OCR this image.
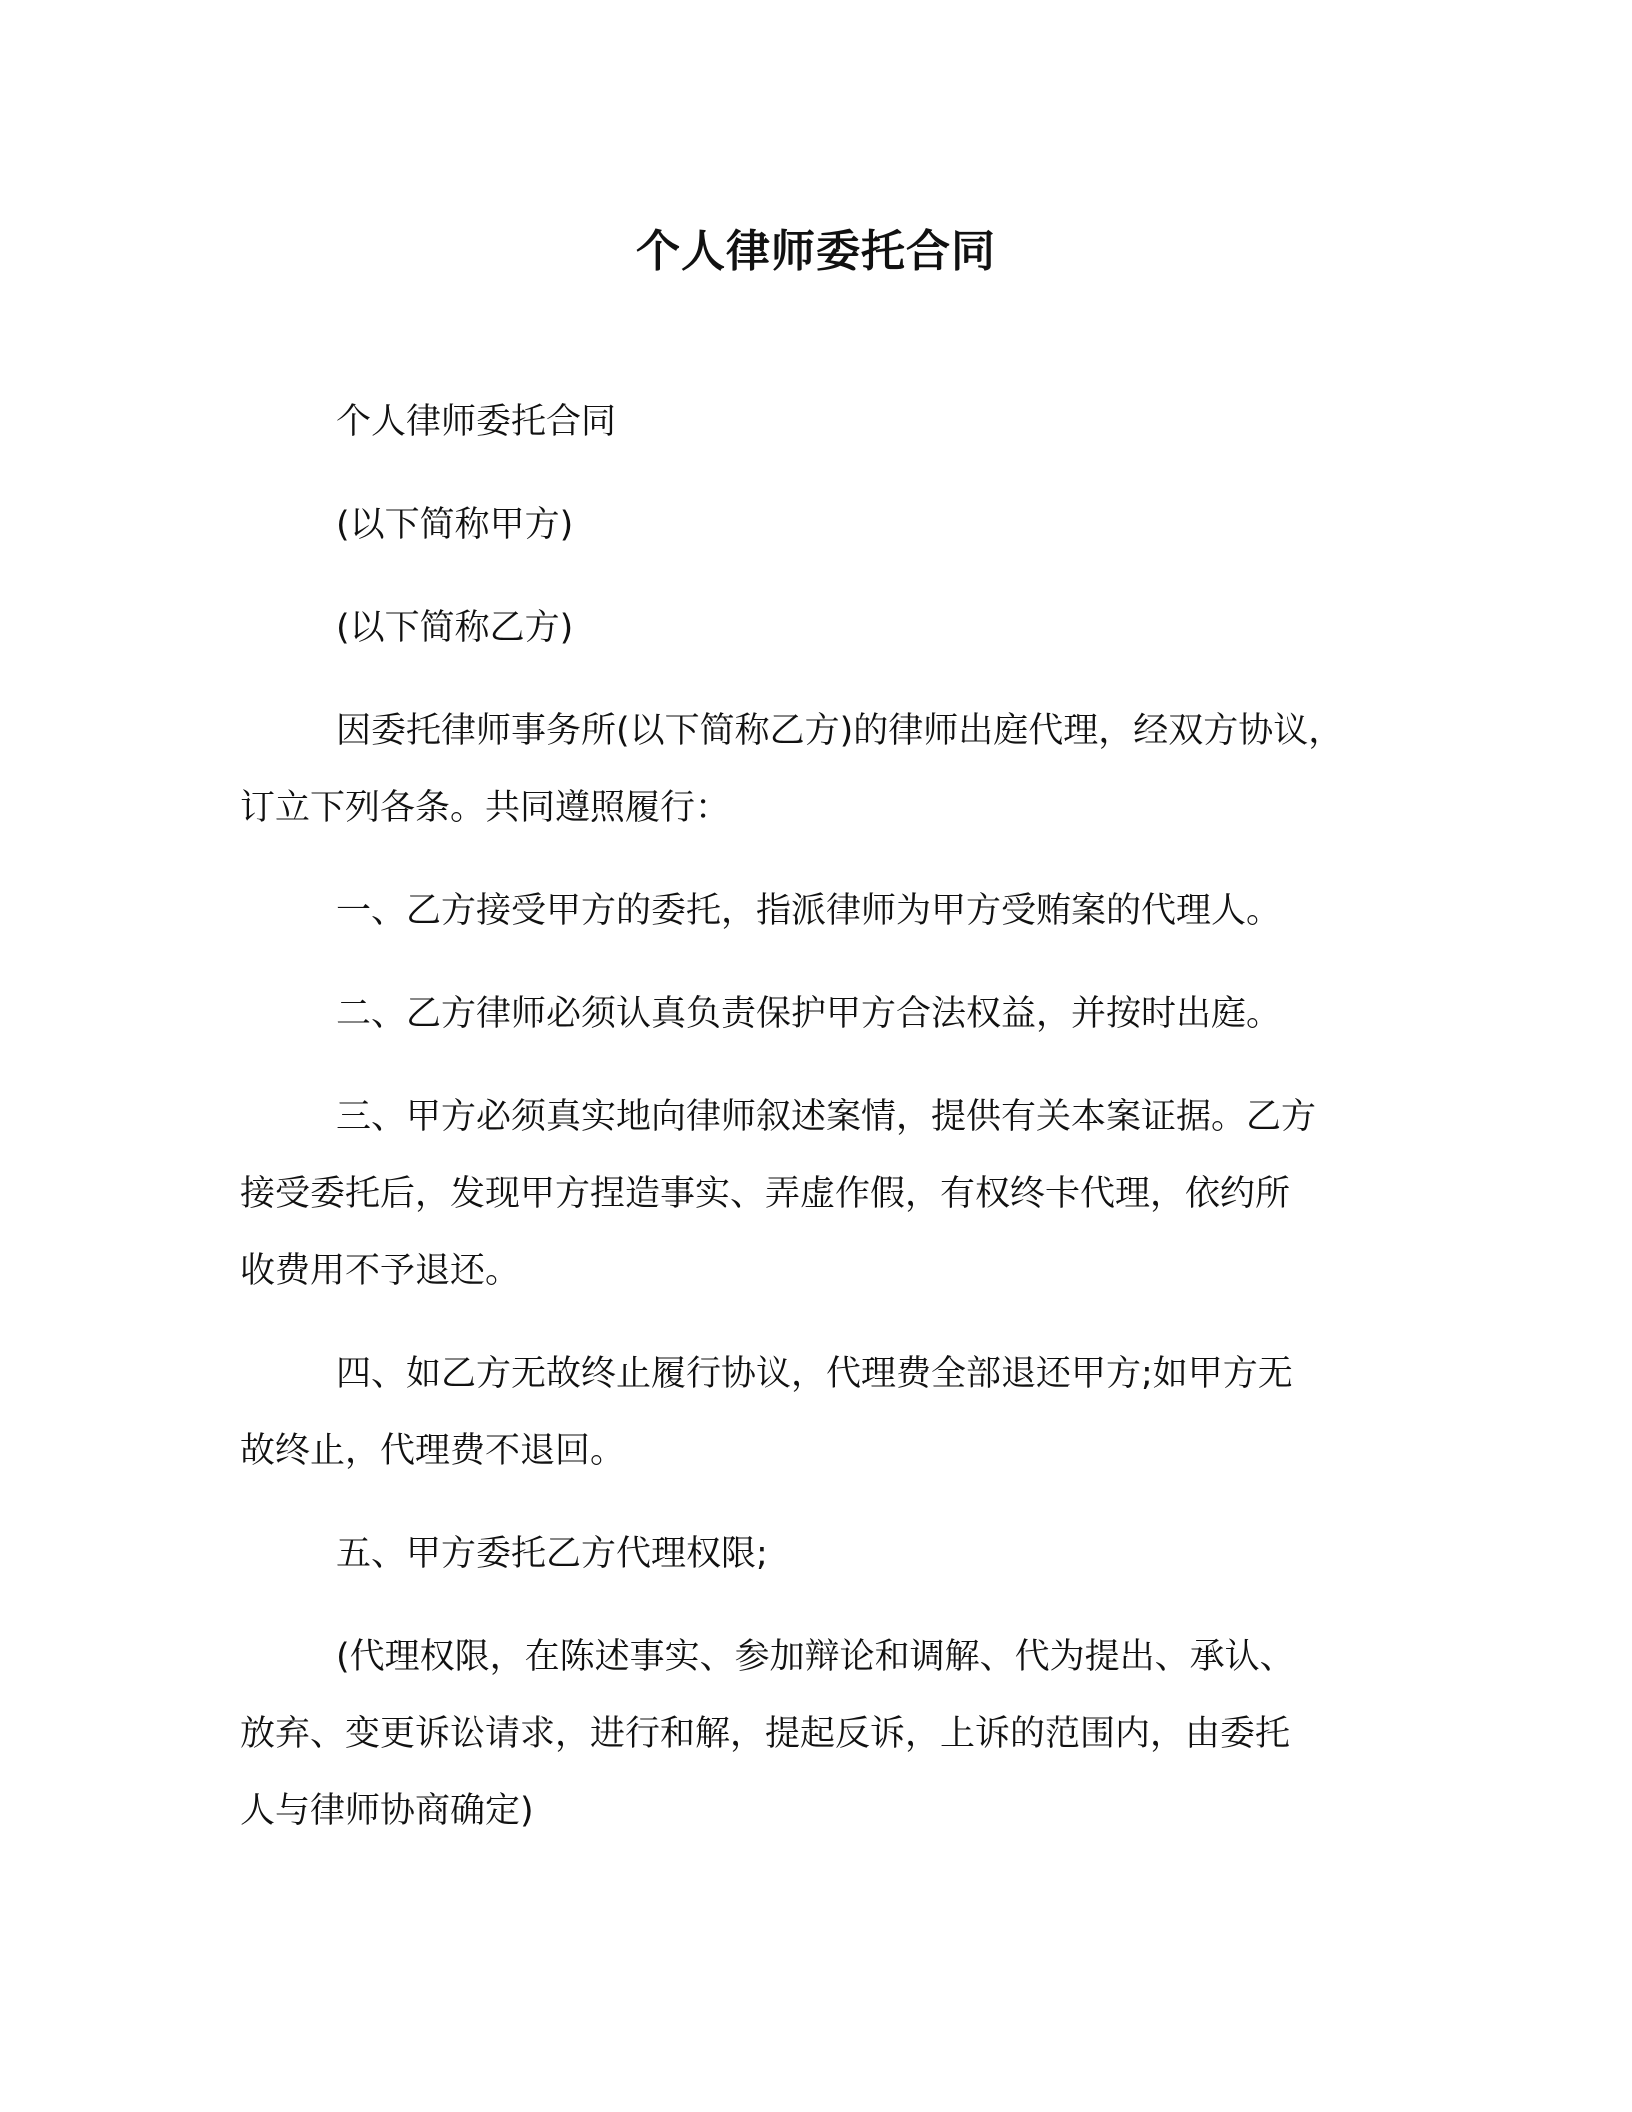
个人律师委托合同
个人律师委托合同
(以下简称甲方)
(以下简称乙方)
因委托律师事务所(以下简称乙方)的律师出庭代理，经双方协议，
订立下列各条。共同遵照履行：
一、乙方接受甲方的委托，指派律师为甲方受贿案的代理人。
二、乙方律师必须认真负责保护甲方合法权益，并按时出庭。
三、甲方必须真实地向律师叙述案情，提供有关本案证据。乙方
接受委托后，发现甲方捏造事实、弄虚作假，有权终卡代理，依约所
收费用不予退还。
四、如乙方无故终止履行协议，代理费全部退还甲方;如甲方无
故终止，代理费不退回。
五、甲方委托乙方代理权限;
(代理权限，在陈述事实、参加辩论和调解、代为提出、承认、
放弃、变更诉讼请求，进行和解，提起反诉，上诉的范围内，由委托
人与律师协商确定)
